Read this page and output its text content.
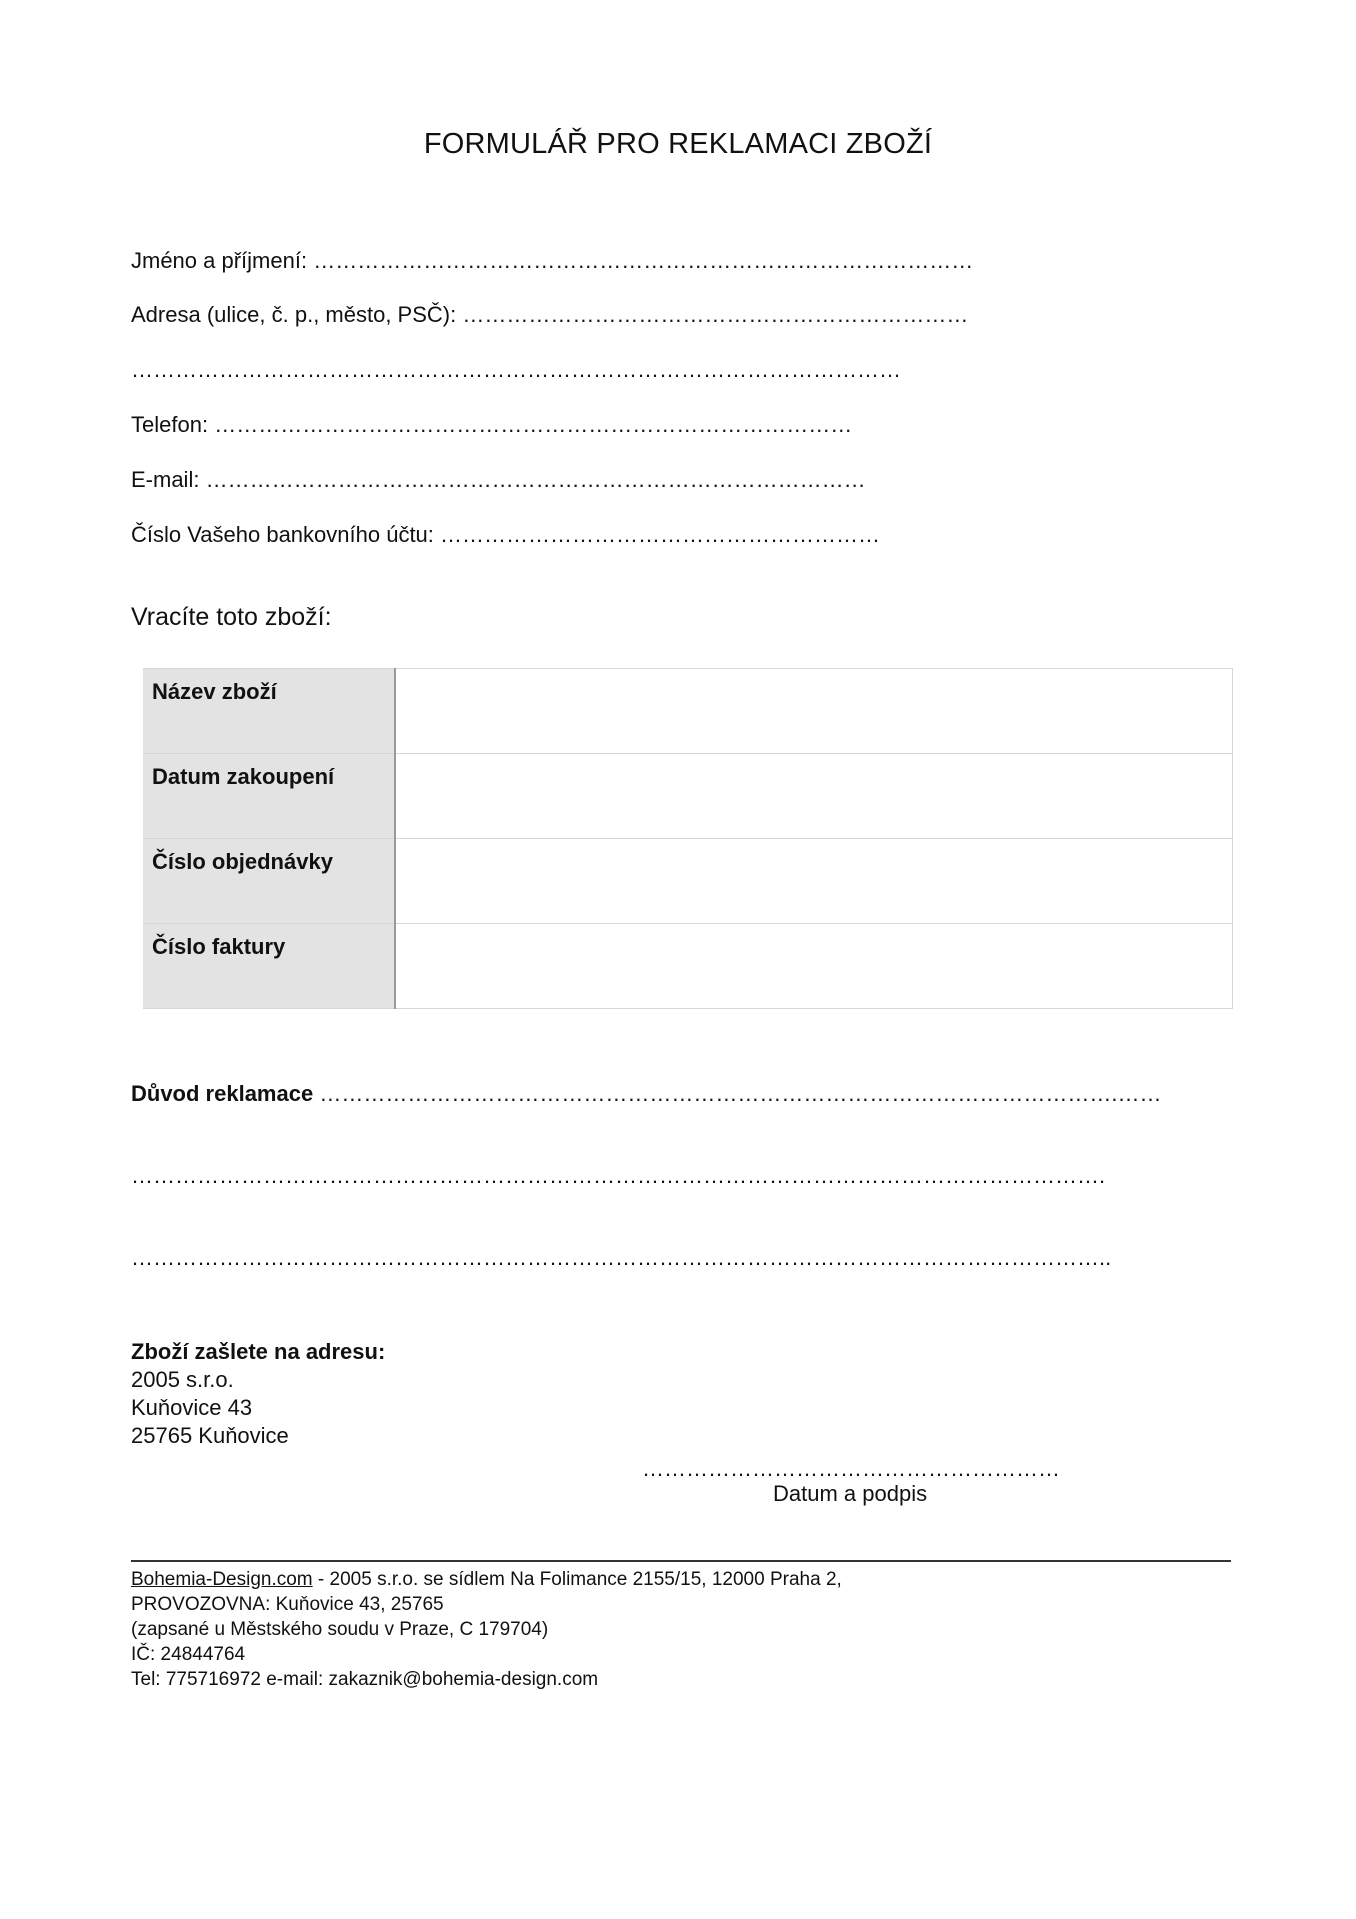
FORMULÁŘ PRO REKLAMACI ZBOŽÍ
Jméno a příjmení: ………………………………………………………………………………
Adresa (ulice, č. p., město, PSČ): ……………………………………………………………
……………………………………………………………………………………………
Telefon: ……………………………………………………………………………
E-mail: ………………………………………………………………………………
Číslo Vašeho bankovního účtu: ……………………………………………………
Vracíte toto zboží:
Název zboží	
Datum zakoupení	
Číslo objednávky	
Číslo faktury	
Důvod reklamace ……………………………………………………………………………………………….……
…………………………………………………………………………………………………………………….
……………………………………………………………………………………………………………………..
Zboží zašlete na adresu:
2005 s.r.o.
Kuňovice 43
25765 Kuňovice
…………………………………………………
Datum a podpis
Bohemia-Design.com - 2005 s.r.o. se sídlem Na Folimance 2155/15, 12000 Praha 2,
PROVOZOVNA: Kuňovice 43, 25765
(zapsané u Městského soudu v Praze, C 179704)
IČ: 24844764
Tel: 775716972 e-mail: zakaznik@bohemia-design.com
